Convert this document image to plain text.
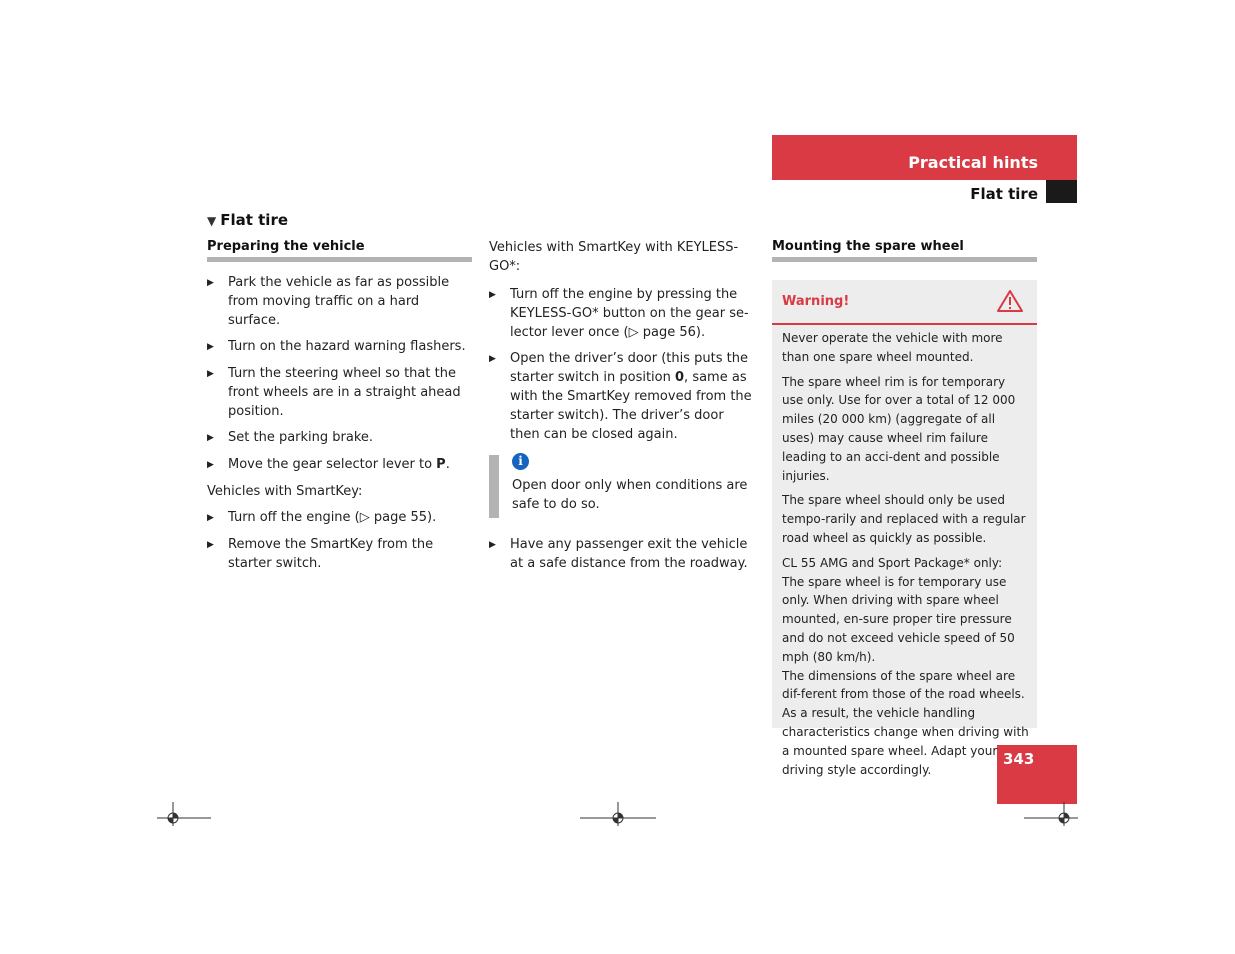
Practical hints
Flat tire
343
▼ Flat tire
Preparing the vehicle
▶	Park the vehicle as far as possible from moving traffic on a hard surface.
▶	Turn on the hazard warning flashers.
▶	Turn the steering wheel so that the front wheels are in a straight ahead position.
▶	Set the parking brake.
▶	Move the gear selector lever to P.
Vehicles with SmartKey:
▶	Turn off the engine (▷ page 55).
▶	Remove the SmartKey from the starter switch.
Vehicles with SmartKey with KEYLESS-GO*:
▶	Turn off the engine by pressing the KEYLESS-GO* button on the gear se-lector lever once (▷ page 56).
▶	Open the driver’s door (this puts the starter switch in position 0, same as with the SmartKey removed from the starter switch). The driver’s door then can be closed again.
i
Open door only when conditions are safe to do so.
▶	Have any passenger exit the vehicle at a safe distance from the roadway.
Mounting the spare wheel
Warning!

Never operate the vehicle with more than one spare wheel mounted.

The spare wheel rim is for temporary use only. Use for over a total of 12 000 miles (20 000 km) (aggregate of all uses) may cause wheel rim failure leading to an acci-dent and possible injuries.

The spare wheel should only be used tempo-rarily and replaced with a regular road wheel as quickly as possible.

CL 55 AMG and Sport Package* only:

The spare wheel is for temporary use only. When driving with spare wheel mounted, en-sure proper tire pressure and do not exceed vehicle speed of 50 mph (80 km/h).

The dimensions of the spare wheel are dif-ferent from those of the road wheels. As a result, the vehicle handling characteristics change when driving with a mounted spare wheel. Adapt your driving style accordingly.
